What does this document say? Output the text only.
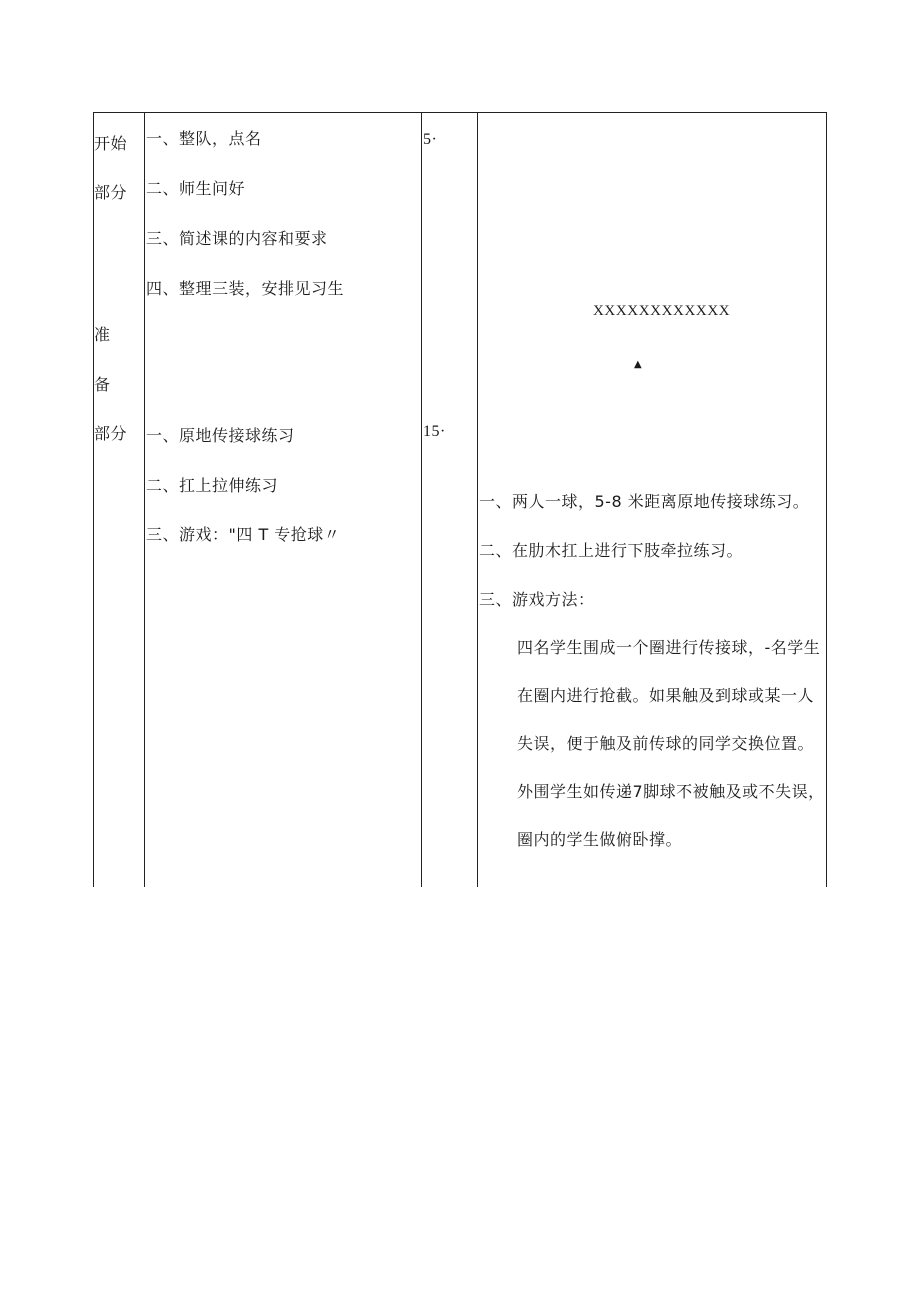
开始
部分
准
备
部分
一、整队，点名
二、师生问好
三、简述课的内容和要求
四、整理三装，安排见习生
一、原地传接球练习
二、扛上拉伸练习
三、游戏："四 T 专抢球〃
5·
15·
XXXXXXXXXXXX
▲
一、两人一球，5-8 米距离原地传接球练习。
二、在肋木扛上进行下肢牵拉练习。
三、游戏方法：
四名学生围成一个圈进行传接球，-名学生
在圈内进行抢截。如果触及到球或某一人
失误，便于触及前传球的同学交换位置。
外围学生如传递7脚球不被触及或不失误，
圈内的学生做俯卧撑。
